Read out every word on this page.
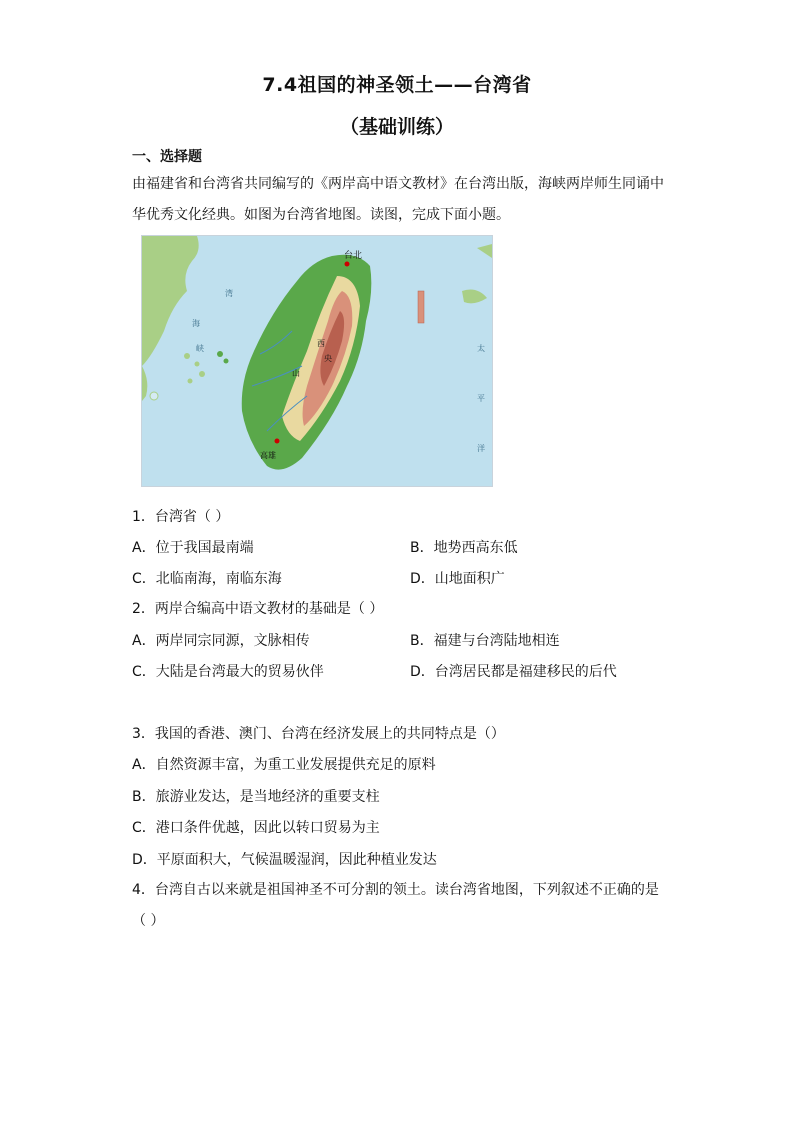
7.4祖国的神圣领土——台湾省
（基础训练）
一、选择题
由福建省和台湾省共同编写的《两岸高中语文教材》在台湾出版，海峡两岸师生同诵中
华优秀文化经典。如图为台湾省地图。读图，完成下面小题。
台北
湾
海
峡	太
平
洋
高雄
山
西
央
1．台湾省（ ）
A．位于我国最南端	B．地势西高东低
C．北临南海，南临东海	D．山地面积广
2．两岸合编高中语文教材的基础是（ ）
A．两岸同宗同源，文脉相传	B．福建与台湾陆地相连
C．大陆是台湾最大的贸易伙伴	D．台湾居民都是福建移民的后代
3．我国的香港、澳门、台湾在经济发展上的共同特点是（）
A．自然资源丰富，为重工业发展提供充足的原料
B．旅游业发达，是当地经济的重要支柱
C．港口条件优越，因此以转口贸易为主
D．平原面积大，气候温暖湿润，因此种植业发达
4．台湾自古以来就是祖国神圣不可分割的领土。读台湾省地图，下列叙述不正确的是
（ ）
